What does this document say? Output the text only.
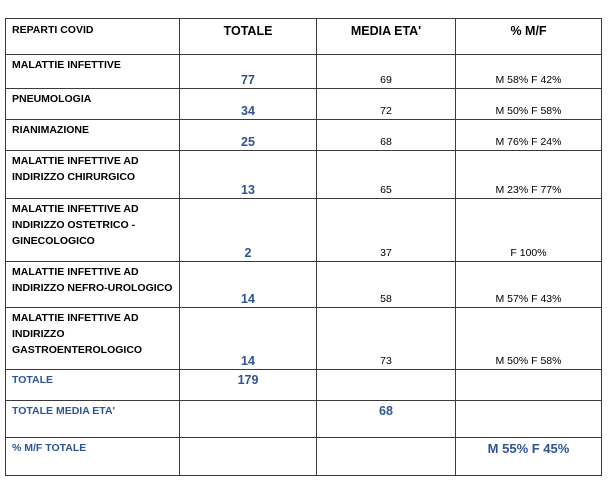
REPARTI COVID	TOTALE	MEDIA ETA'	% M/F
MALATTIE INFETTIVE	77	69	M 58% F 42%
PNEUMOLOGIA	34	72	M 50% F 58%
RIANIMAZIONE	25	68	M 76% F 24%
MALATTIE INFETTIVE AD INDIRIZZO CHIRURGICO	13	65	M 23% F 77%
MALATTIE INFETTIVE AD INDIRIZZO OSTETRICO - GINECOLOGICO	2	37	F 100%
MALATTIE INFETTIVE AD INDIRIZZO NEFRO-UROLOGICO	14	58	M 57% F 43%
MALATTIE INFETTIVE AD INDIRIZZO GASTROENTEROLOGICO	14	73	M 50% F 58%
TOTALE	179		
TOTALE MEDIA ETA'		68	
% M/F TOTALE			M 55% F 45%
